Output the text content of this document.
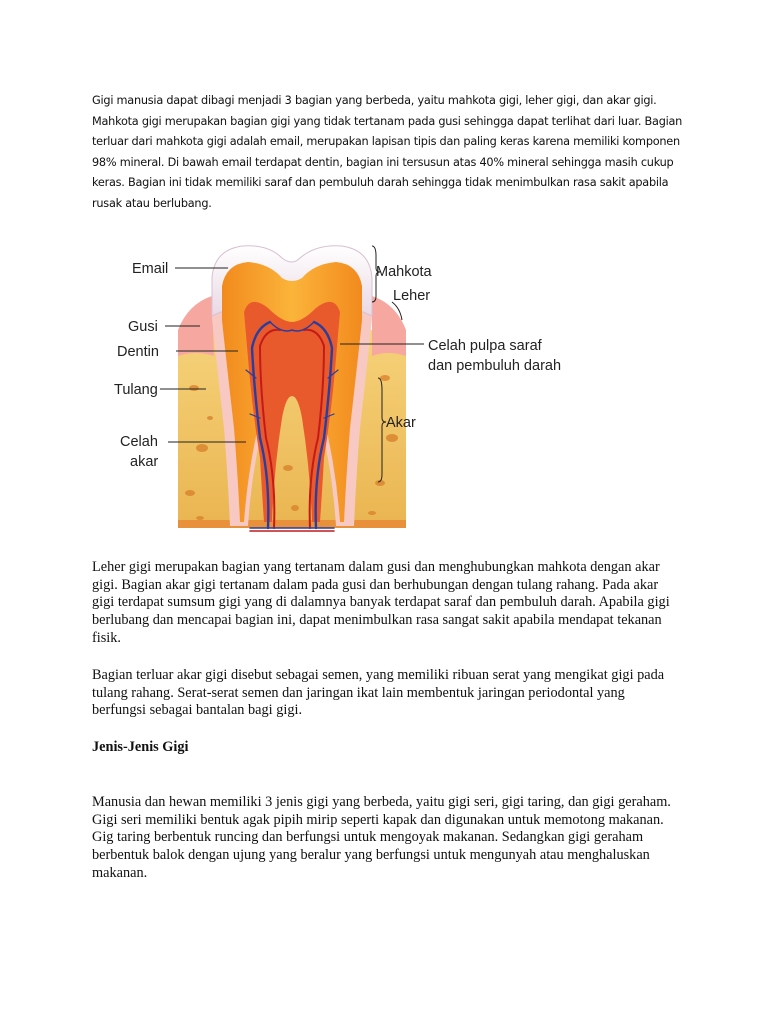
Gigi manusia dapat dibagi menjadi 3 bagian yang berbeda, yaitu mahkota gigi, leher gigi, dan akar gigi. Mahkota gigi merupakan bagian gigi yang tidak tertanam pada gusi sehingga dapat terlihat dari luar. Bagian terluar dari mahkota gigi adalah email, merupakan lapisan tipis dan paling keras karena memiliki komponen 98% mineral. Di bawah email terdapat dentin, bagian ini tersusun atas 40% mineral sehingga masih cukup keras. Bagian ini tidak memiliki saraf dan pembuluh darah sehingga tidak menimbulkan rasa sakit apabila rusak atau berlubang.

Email
Gusi
Dentin
Tulang
Celah
akar
Mahkota
Leher
Celah pulpa saraf
dan pembuluh darah
Akar

Leher gigi merupakan bagian yang tertanam dalam gusi dan menghubungkan mahkota dengan akar gigi. Bagian akar gigi tertanam dalam pada gusi dan berhubungan dengan tulang rahang. Pada akar gigi terdapat sumsum gigi yang di dalamnya banyak terdapat saraf dan pembuluh darah. Apabila gigi berlubang dan mencapai bagian ini, dapat menimbulkan rasa sangat sakit apabila mendapat tekanan fisik.

Bagian terluar akar gigi disebut sebagai semen, yang memiliki ribuan serat yang mengikat gigi pada tulang rahang. Serat-serat semen dan jaringan ikat lain membentuk jaringan periodontal yang berfungsi sebagai bantalan bagi gigi.

Jenis-Jenis Gigi

Manusia dan hewan memiliki 3 jenis gigi yang berbeda, yaitu gigi seri, gigi taring, dan gigi geraham. Gigi seri memiliki bentuk agak pipih mirip seperti kapak dan digunakan untuk memotong makanan. Gig taring berbentuk runcing dan berfungsi untuk mengoyak makanan. Sedangkan gigi geraham berbentuk balok dengan ujung yang beralur yang berfungsi untuk mengunyah atau menghaluskan makanan.
